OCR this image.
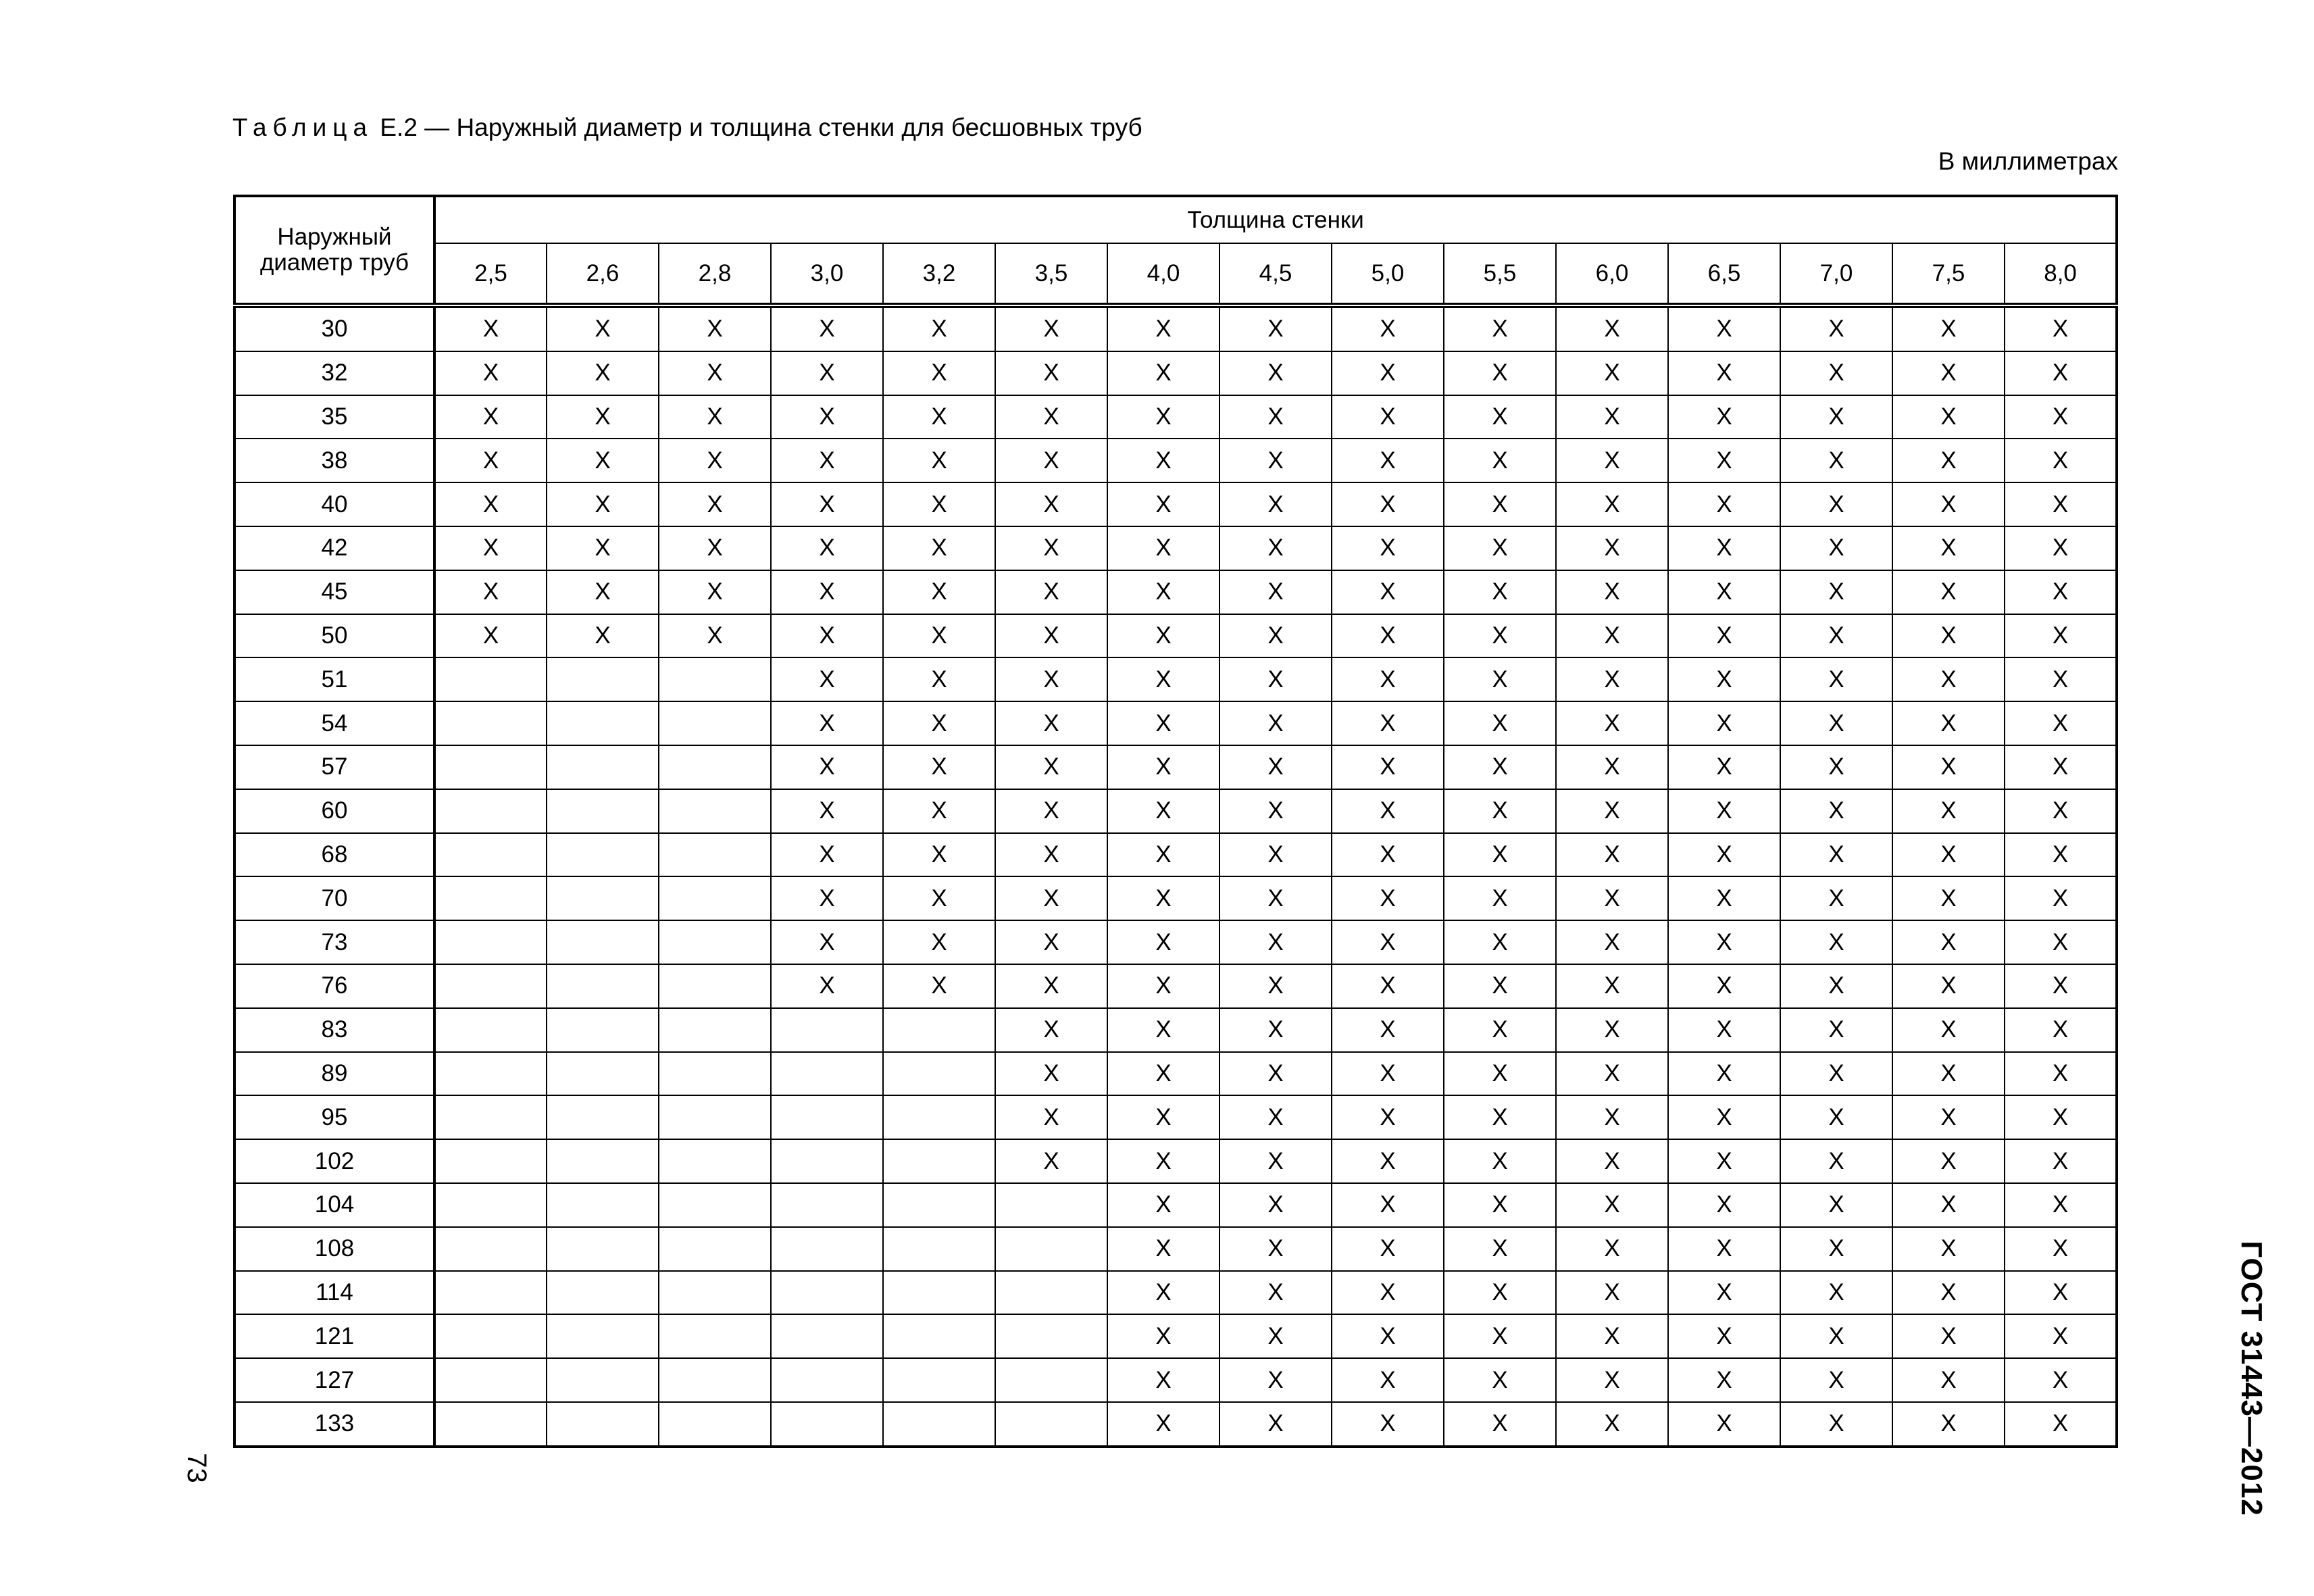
Таблица Е.2 — Наружный диаметр и толщина стенки для бесшовных труб
В миллиметрах
Наружный диаметр труб	Толщина стенки														
	2,5	2,6	2,8	3,0	3,2	3,5	4,0	4,5	5,0	5,5	6,0	6,5	7,0	7,5	8,0
30	X	X	X	X	X	X	X	X	X	X	X	X	X	X	X
32	X	X	X	X	X	X	X	X	X	X	X	X	X	X	X
35	X	X	X	X	X	X	X	X	X	X	X	X	X	X	X
38	X	X	X	X	X	X	X	X	X	X	X	X	X	X	X
40	X	X	X	X	X	X	X	X	X	X	X	X	X	X	X
42	X	X	X	X	X	X	X	X	X	X	X	X	X	X	X
45	X	X	X	X	X	X	X	X	X	X	X	X	X	X	X
50	X	X	X	X	X	X	X	X	X	X	X	X	X	X	X
51				X	X	X	X	X	X	X	X	X	X	X	X
54				X	X	X	X	X	X	X	X	X	X	X	X
57				X	X	X	X	X	X	X	X	X	X	X	X
60				X	X	X	X	X	X	X	X	X	X	X	X
68				X	X	X	X	X	X	X	X	X	X	X	X
70				X	X	X	X	X	X	X	X	X	X	X	X
73				X	X	X	X	X	X	X	X	X	X	X	X
76				X	X	X	X	X	X	X	X	X	X	X	X
83						X	X	X	X	X	X	X	X	X	X
89						X	X	X	X	X	X	X	X	X	X
95						X	X	X	X	X	X	X	X	X	X
102						X	X	X	X	X	X	X	X	X	X
104							X	X	X	X	X	X	X	X	X
108							X	X	X	X	X	X	X	X	X
114							X	X	X	X	X	X	X	X	X
121							X	X	X	X	X	X	X	X	X
127							X	X	X	X	X	X	X	X	X
133							X	X	X	X	X	X	X	X	X
73	ГОСТ 31443—2012
